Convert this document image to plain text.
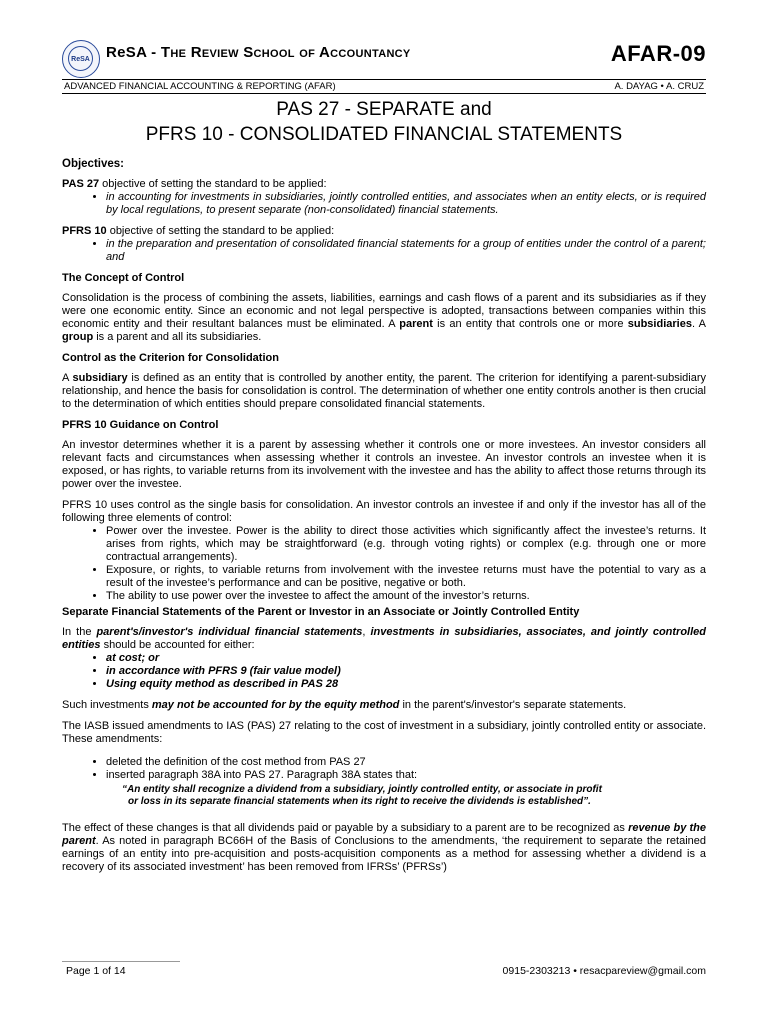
ReSA ReSA - The Review School of Accountancy	AFAR-09
ADVANCED FINANCIAL ACCOUNTING & REPORTING (AFAR)	A. DAYAG • A. CRUZ
PAS 27 - SEPARATE and
PFRS 10 - CONSOLIDATED FINANCIAL STATEMENTS
Objectives:

PAS 27 objective of setting the standard to be applied:

• in accounting for investments in subsidiaries, jointly controlled entities, and associates when an entity elects, or is required by local regulations, to present separate (non-consolidated) financial statements.

PFRS 10 objective of setting the standard to be applied:

• in the preparation and presentation of consolidated financial statements for a group of entities under the control of a parent; and
The Concept of Control

Consolidation is the process of combining the assets, liabilities, earnings and cash flows of a parent and its subsidiaries as if they were one economic entity. Since an economic and not legal perspective is adopted, transactions between companies within this economic entity and their resultant balances must be eliminated. A parent is an entity that controls one or more subsidiaries. A group is a parent and all its subsidiaries.

Control as the Criterion for Consolidation

A subsidiary is defined as an entity that is controlled by another entity, the parent. The criterion for identifying a parent-subsidiary relationship, and hence the basis for consolidation is control. The determination of whether one entity controls another is then crucial to the determination of which entities should prepare consolidated financial statements.

PFRS 10 Guidance on Control

An investor determines whether it is a parent by assessing whether it controls one or more investees. An investor considers all relevant facts and circumstances when assessing whether it controls an investee. An investor controls an investee when it is exposed, or has rights, to variable returns from its involvement with the investee and has the ability to affect those returns through its power over the investee.

PFRS 10 uses control as the single basis for consolidation. An investor controls an investee if and only if the investor has all of the following three elements of control:

• Power over the investee. Power is the ability to direct those activities which significantly affect the investee’s returns. It arises from rights, which may be straightforward (e.g. through voting rights) or complex (e.g. through one or more contractual arrangements).
• Exposure, or rights, to variable returns from involvement with the investee returns must have the potential to vary as a result of the investee’s performance and can be positive, negative or both.
• The ability to use power over the investee to affect the amount of the investor’s returns.
Separate Financial Statements of the Parent or Investor in an Associate or Jointly Controlled Entity

In the parent's/investor's individual financial statements, investments in subsidiaries, associates, and jointly controlled entities should be accounted for either:

• at cost; or
• in accordance with PFRS 9 (fair value model)
• Using equity method as described in PAS 28

Such investments may not be accounted for by the equity method in the parent's/investor's separate statements.

The IASB issued amendments to IAS (PAS) 27 relating to the cost of investment in a subsidiary, jointly controlled entity or associate. These amendments:

• deleted the definition of the cost method from PAS 27
• inserted paragraph 38A into PAS 27. Paragraph 38A states that:
“An entity shall recognize a dividend from a subsidiary, jointly controlled entity, or associate in profit
or loss in its separate financial statements when its right to receive the dividends is established”.

The effect of these changes is that all dividends paid or payable by a subsidiary to a parent are to be recognized as revenue by the parent. As noted in paragraph BC66H of the Basis of Conclusions to the amendments, ‘the requirement to separate the retained earnings of an entity into pre-acquisition and posts-acquisition components as a method for assessing whether a dividend is a recovery of its associated investment’ has been removed from IFRSs’ (PFRSs’)

Page 1 of 14	0915-2303213 • resacpareview@gmail.com
